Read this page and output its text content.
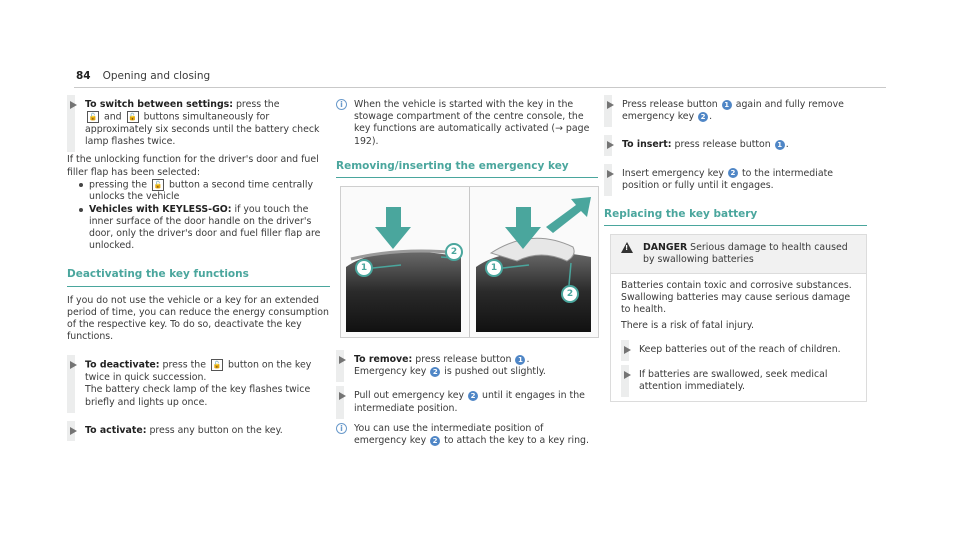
84 Opening and closing
To switch between settings: press the
🔓 and 🔓 buttons simultaneously for approximately six seconds until the battery check lamp flashes twice.
If the unlocking function for the driver's door and fuel filler flap has been selected:
pressing the 🔓 button a second time centrally unlocks the vehicle
Vehicles with KEYLESS-GO: if you touch the inner surface of the door handle on the driver's door, only the driver's door and fuel filler flap are unlocked.
Deactivating the key functions
If you do not use the vehicle or a key for an extended period of time, you can reduce the energy consumption of the respective key. To do so, deactivate the key functions.
To deactivate: press the 🔓 button on the key twice in quick succession.
The battery check lamp of the key flashes twice briefly and lights up once.
To activate: press any button on the key.
i	When the vehicle is started with the key in the stowage compartment of the centre console, the key functions are automatically activated (→ page 192).
Removing/inserting the emergency key
1
2
1
2
To remove: press release button 1 .
Emergency key 2 is pushed out slightly.
Pull out emergency key 2 until it engages in the intermediate position.
i	You can use the intermediate position of emergency key 2 to attach the key to a key ring.
Press release button 1 again and fully remove emergency key 2 .
To insert: press release button 1 .
Insert emergency key 2 to the intermediate position or fully until it engages.
Replacing the key battery
! DANGER Serious damage to health caused by swallowing batteries
Batteries contain toxic and corrosive substances. Swallowing batteries may cause serious damage to health.
There is a risk of fatal injury.
Keep batteries out of the reach of children.
If batteries are swallowed, seek medical attention immediately.
